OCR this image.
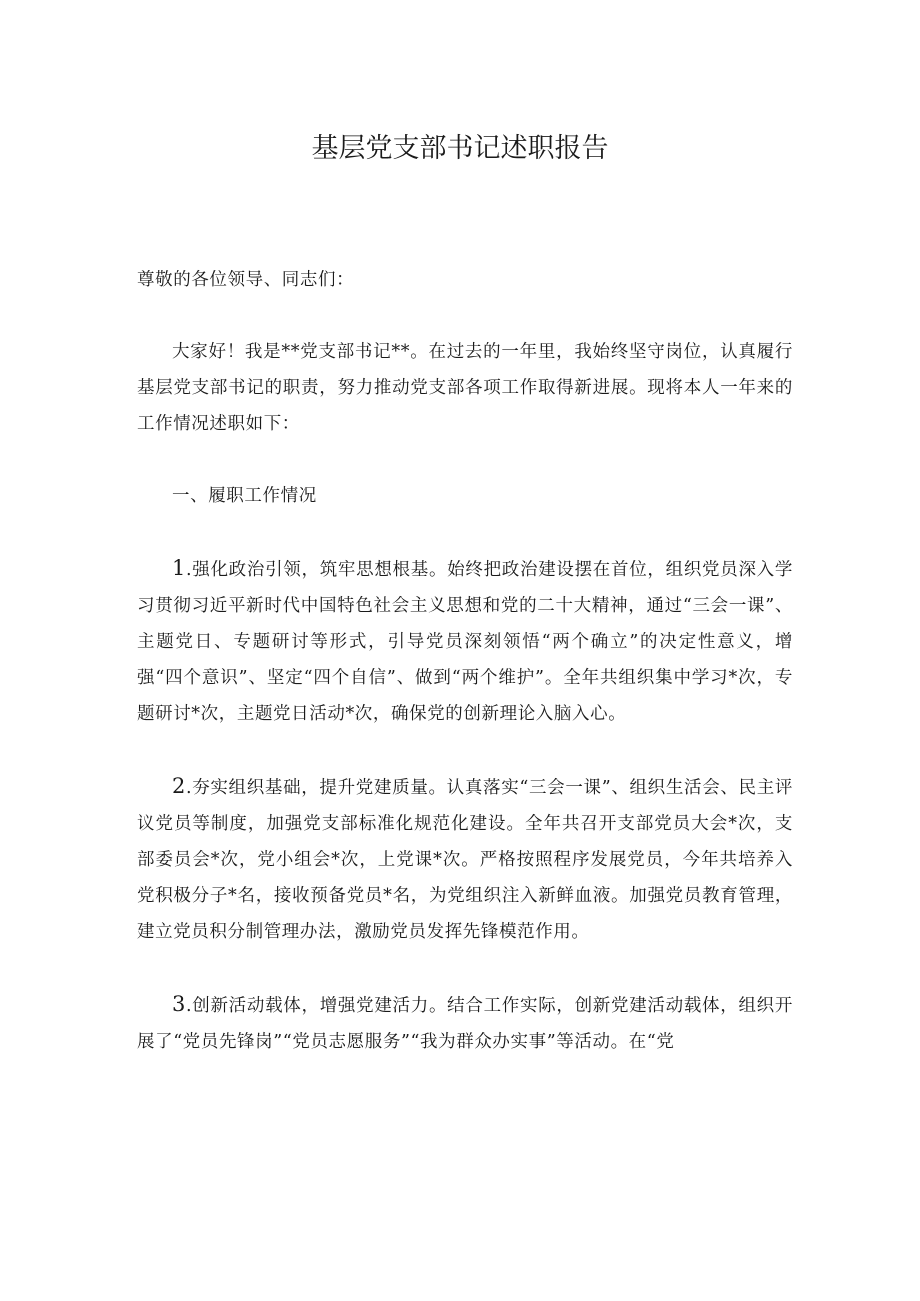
基层党支部书记述职报告

尊敬的各位领导、同志们：

大家好！我是**党支部书记**。在过去的一年里，我始终坚守岗位，认真履行基层党支部书记的职责，努力推动党支部各项工作取得新进展。现将本人一年来的工作情况述职如下：

一、履职工作情况

1.强化政治引领，筑牢思想根基。始终把政治建设摆在首位，组织党员深入学习贯彻习近平新时代中国特色社会主义思想和党的二十大精神，通过“三会一课”、主题党日、专题研讨等形式，引导党员深刻领悟“两个确立”的决定性意义，增强“四个意识”、坚定“四个自信”、做到“两个维护”。全年共组织集中学习*次，专题研讨*次，主题党日活动*次，确保党的创新理论入脑入心。

2.夯实组织基础，提升党建质量。认真落实“三会一课”、组织生活会、民主评议党员等制度，加强党支部标准化规范化建设。全年共召开支部党员大会*次，支部委员会*次，党小组会*次，上党课*次。严格按照程序发展党员，今年共培养入党积极分子*名，接收预备党员*名，为党组织注入新鲜血液。加强党员教育管理，建立党员积分制管理办法，激励党员发挥先锋模范作用。

3.创新活动载体，增强党建活力。结合工作实际，创新党建活动载体，组织开展了“党员先锋岗”“党员志愿服务”“我为群众办实事”等活动。在“党
